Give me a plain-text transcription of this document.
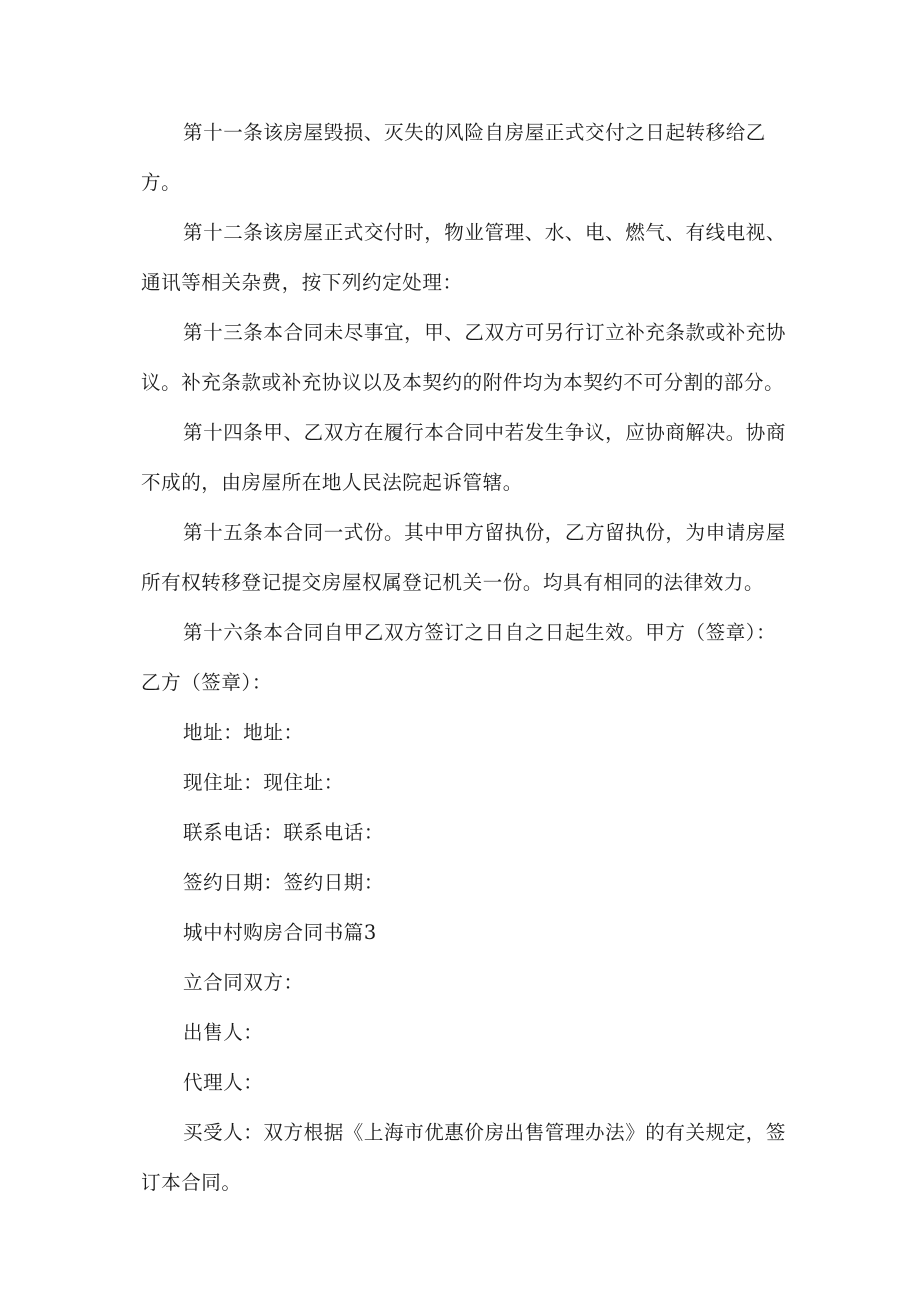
第十一条该房屋毁损、灭失的风险自房屋正式交付之日起转移给乙
方。
第十二条该房屋正式交付时，物业管理、水、电、燃气、有线电视、
通讯等相关杂费，按下列约定处理：
第十三条本合同未尽事宜，甲、乙双方可另行订立补充条款或补充协
议。补充条款或补充协议以及本契约的附件均为本契约不可分割的部分。
第十四条甲、乙双方在履行本合同中若发生争议，应协商解决。协商
不成的，由房屋所在地人民法院起诉管辖。
第十五条本合同一式份。其中甲方留执份，乙方留执份，为申请房屋
所有权转移登记提交房屋权属登记机关一份。均具有相同的法律效力。
第十六条本合同自甲乙双方签订之日自之日起生效。甲方（签章）：
乙方（签章）：
地址：地址：
现住址：现住址：
联系电话：联系电话：
签约日期：签约日期：
城中村购房合同书篇3
立合同双方：
出售人：
代理人：
买受人：双方根据《上海市优惠价房出售管理办法》的有关规定，签
订本合同。
